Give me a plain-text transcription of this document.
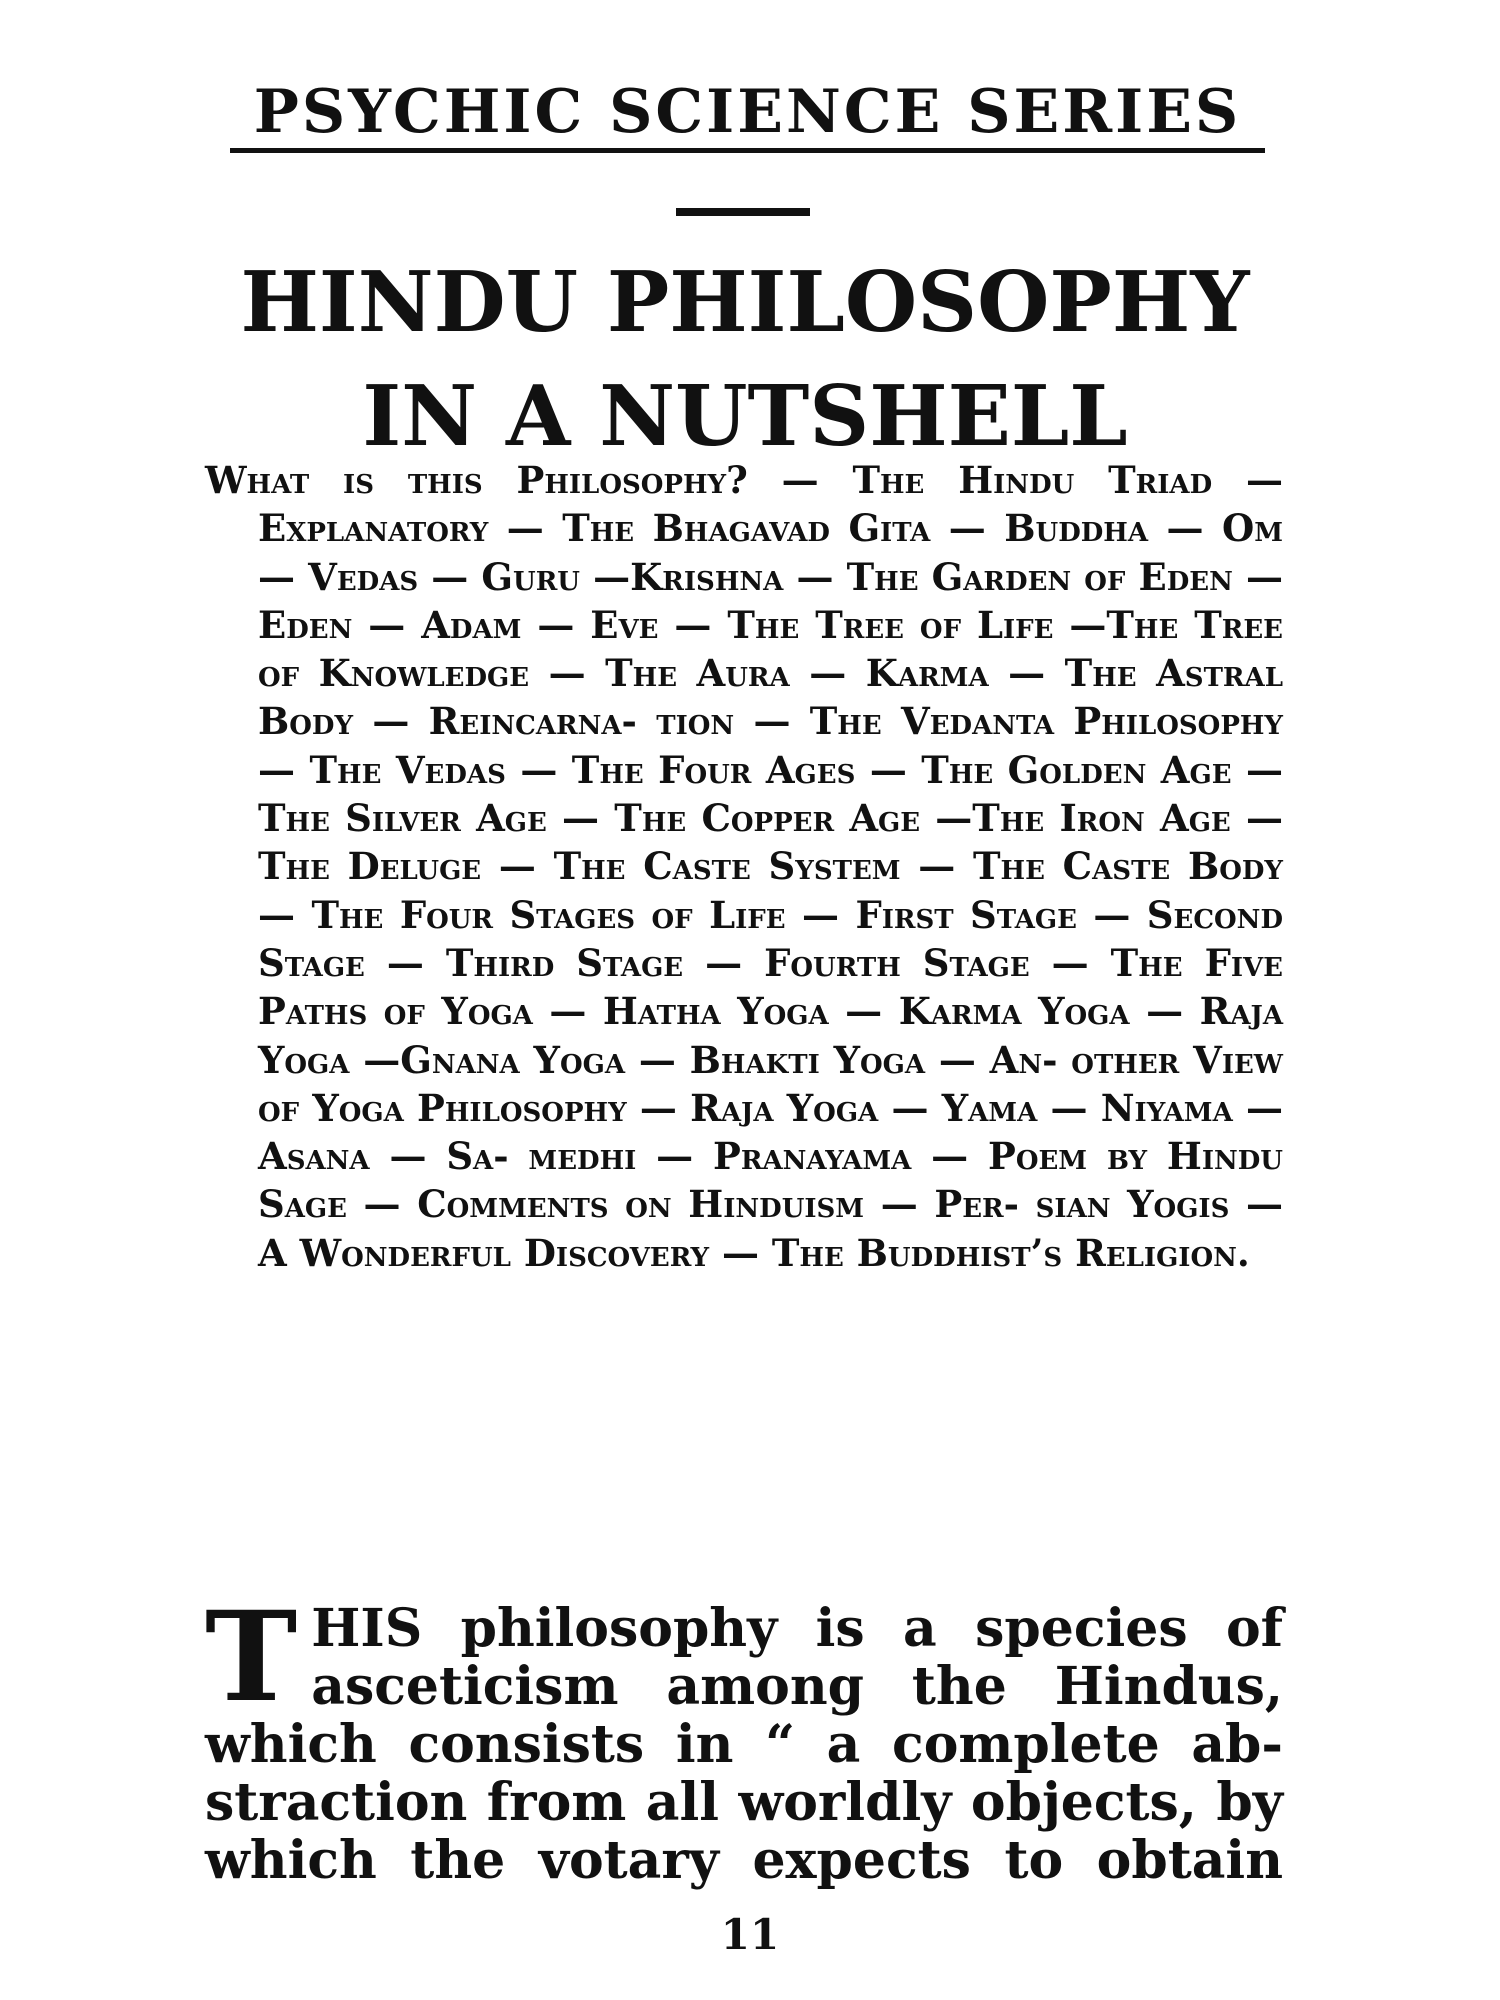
PSYCHIC SCIENCE SERIES
HINDU PHILOSOPHY
IN A NUTSHELL

What is this Philosophy? — The Hindu Triad — Explanatory — The Bhagavad Gita — Buddha — Om — Vedas — Guru —Krishna — The Garden of Eden — Eden — Adam — Eve — The Tree of Life —The Tree of Knowledge — The Aura — Karma — The Astral Body — Reincarna- tion — The Vedanta Philosophy — The Vedas — The Four Ages — The Golden Age — The Silver Age — The Copper Age —The Iron Age — The Deluge — The Caste System — The Caste Body — The Four Stages of Life — First Stage — Second Stage — Third Stage — Fourth Stage — The Five Paths of Yoga — Hatha Yoga — Karma Yoga — Raja Yoga —Gnana Yoga — Bhakti Yoga — An- other View of Yoga Philosophy — Raja Yoga — Yama — Niyama — Asana — Sa- medhi — Pranayama — Poem by Hindu Sage — Comments on Hinduism — Per- sian Yogis — A Wonderful Discovery — The Buddhist’s Religion.

THIS philosophy is a species of asceticism among the Hindus, which consists in “ a complete ab- straction from all worldly objects, by which the votary expects to obtain

11
